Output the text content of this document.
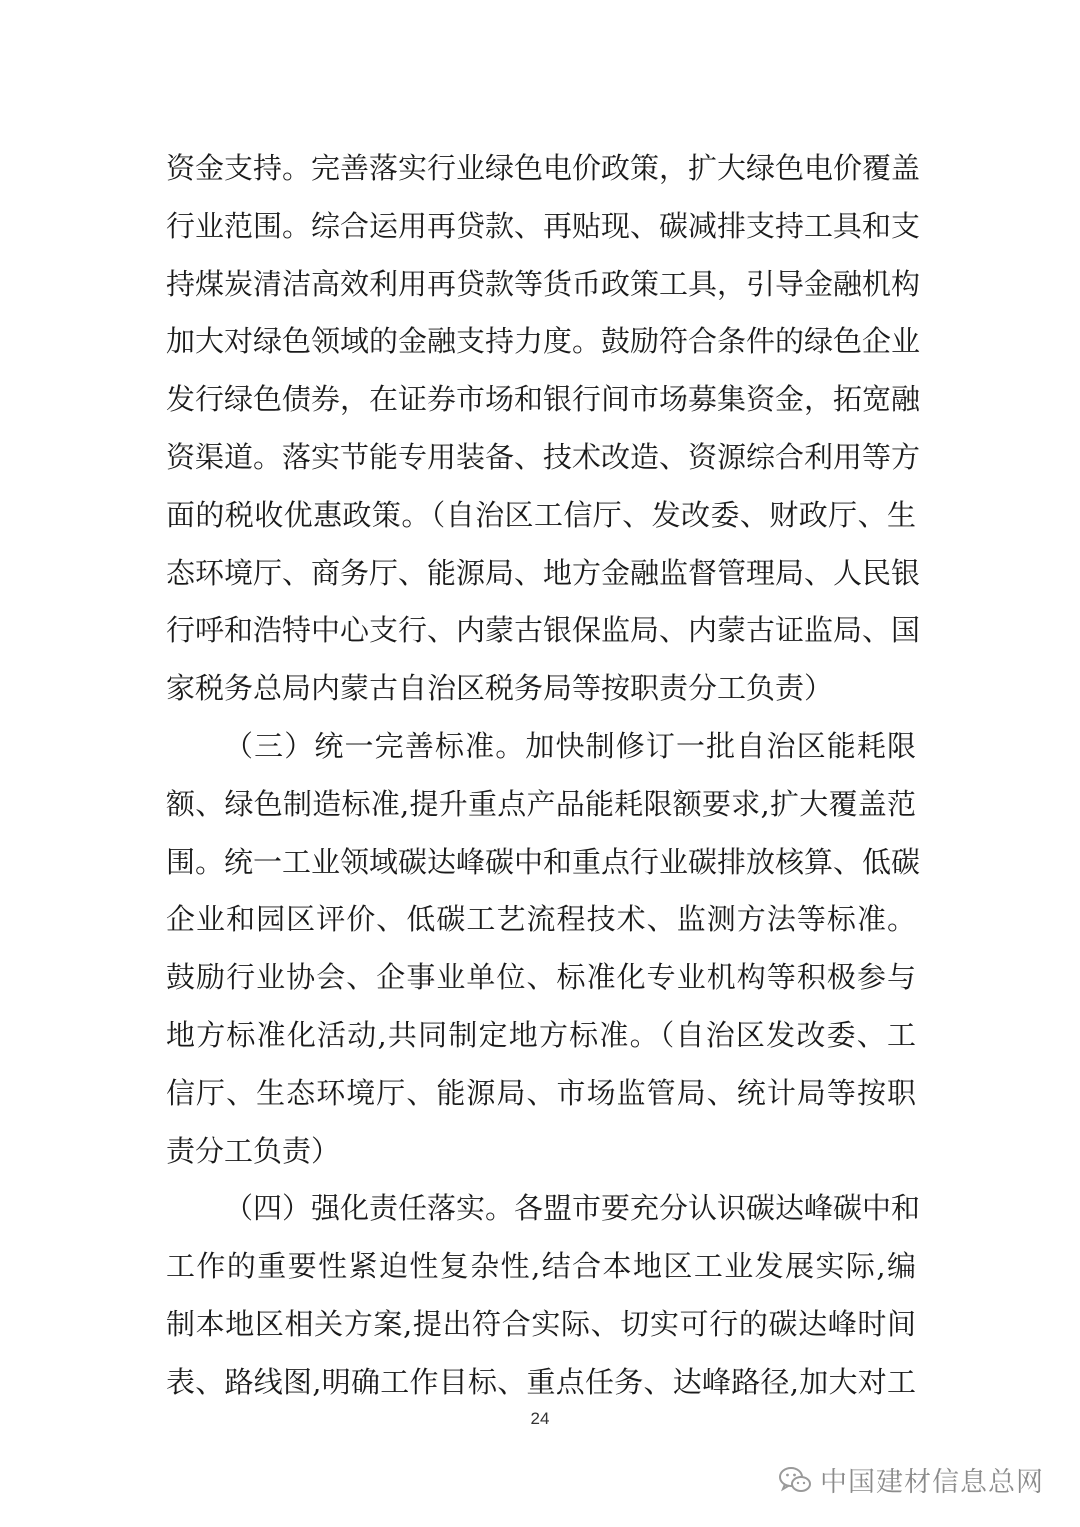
资金支持。完善落实行业绿色电价政策，扩大绿色电价覆盖
行业范围。综合运用再贷款、再贴现、碳减排支持工具和支
持煤炭清洁高效利用再贷款等货币政策工具，引导金融机构
加大对绿色领域的金融支持力度。鼓励符合条件的绿色企业
发行绿色债券，在证券市场和银行间市场募集资金，拓宽融
资渠道。落实节能专用装备、技术改造、资源综合利用等方
面的税收优惠政策。（自治区工信厅、发改委、财政厅、生
态环境厅、商务厅、能源局、地方金融监督管理局、人民银
行呼和浩特中心支行、内蒙古银保监局、内蒙古证监局、国
家税务总局内蒙古自治区税务局等按职责分工负责）
（三）统一完善标准。加快制修订一批自治区能耗限
额、绿色制造标准,提升重点产品能耗限额要求,扩大覆盖范
围。统一工业领域碳达峰碳中和重点行业碳排放核算、低碳
企业和园区评价、低碳工艺流程技术、监测方法等标准。
鼓励行业协会、企事业单位、标准化专业机构等积极参与
地方标准化活动,共同制定地方标准。（自治区发改委、工
信厅、生态环境厅、能源局、市场监管局、统计局等按职
责分工负责）
（四）强化责任落实。各盟市要充分认识碳达峰碳中和
工作的重要性紧迫性复杂性,结合本地区工业发展实际,编
制本地区相关方案,提出符合实际、切实可行的碳达峰时间
表、路线图,明确工作目标、重点任务、达峰路径,加大对工
24
中国建材信息总网
